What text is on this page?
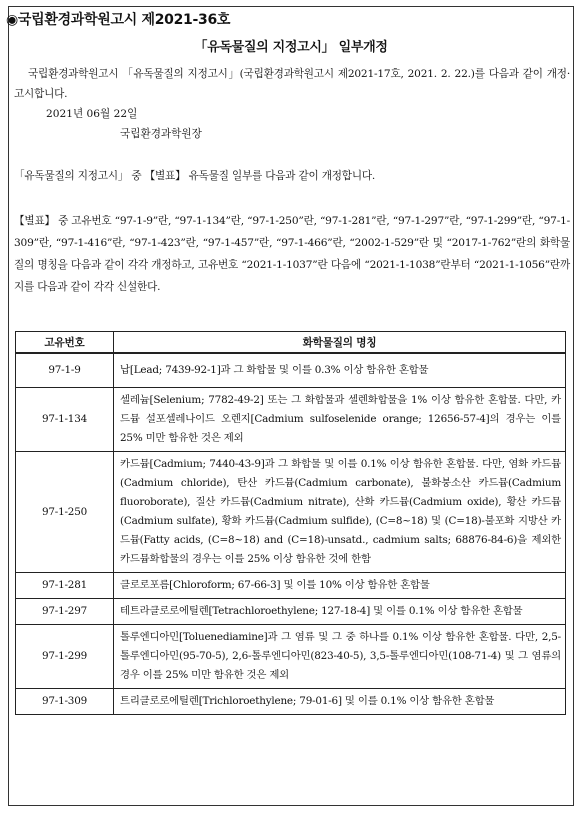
◉국립환경과학원고시 제2021-36호
「유독물질의 지정고시」 일부개정
국립환경과학원고시 「유독물질의 지정고시」(국립환경과학원고시 제2021-17호, 2021. 2. 22.)를 다음과 같이 개정·고시합니다.
2021년 06월 22일
국립환경과학원장
「유독물질의 지정고시」 중 【별표】 유독물질 일부를 다음과 같이 개정합니다.
【별표】 중 고유번호 “97-1-9”란, “97-1-134”란, “97-1-250”란, “97-1-281”란, “97-1-297”란, “97-1-299”란, “97-1-309”란, “97-1-416”란, “97-1-423”란, “97-1-457”란, “97-1-466”란, “2002-1-529”란 및 “2017-1-762”란의 화학물질의 명칭을 다음과 같이 각각 개정하고, 고유번호 “2021-1-1037”란 다음에 “2021-1-1038”란부터 “2021-1-1056”란까지를 다음과 같이 각각 신설한다.
고유번호	화학물질의 명칭
97-1-9	납[Lead; 7439-92-1]과 그 화합물 및 이를 0.3% 이상 함유한 혼합물
97-1-134	셀레늄[Selenium; 7782-49-2] 또는 그 화합물과 셀렌화합물을 1% 이상 함유한 혼합물. 다만, 카드뮴 설포셀레나이드 오렌지[Cadmium sulfoselenide orange; 12656-57-4]의 경우는 이를 25% 미만 함유한 것은 제외
97-1-250	카드뮴[Cadmium; 7440-43-9]과 그 화합물 및 이를 0.1% 이상 함유한 혼합물. 다만, 염화 카드뮴(Cadmium chloride), 탄산 카드뮴(Cadmium carbonate), 불화붕소산 카드뮴(Cadmium fluoroborate), 질산 카드뮴(Cadmium nitrate), 산화 카드뮴(Cadmium oxide), 황산 카드뮴(Cadmium sulfate), 황화 카드뮴(Cadmium sulfide), (C=8~18) 및 (C=18)-불포화 지방산 카드뮴(Fatty acids, (C=8~18) and (C=18)-unsatd., cadmium salts; 68876-84-6)을 제외한 카드뮴화합물의 경우는 이를 25% 이상 함유한 것에 한함
97-1-281	클로로포름[Chloroform; 67-66-3] 및 이를 10% 이상 함유한 혼합물
97-1-297	테트라클로로에틸렌[Tetrachloroethylene; 127-18-4] 및 이를 0.1% 이상 함유한 혼합물
97-1-299	톨루엔디아민[Toluenediamine]과 그 염류 및 그 중 하나를 0.1% 이상 함유한 혼합물. 다만, 2,5-톨루엔디아민(95-70-5), 2,6-톨루엔디아민(823-40-5), 3,5-톨루엔디아민(108-71-4) 및 그 염류의 경우 이를 25% 미만 함유한 것은 제외
97-1-309	트리클로로에틸렌[Trichloroethylene; 79-01-6] 및 이를 0.1% 이상 함유한 혼합물
